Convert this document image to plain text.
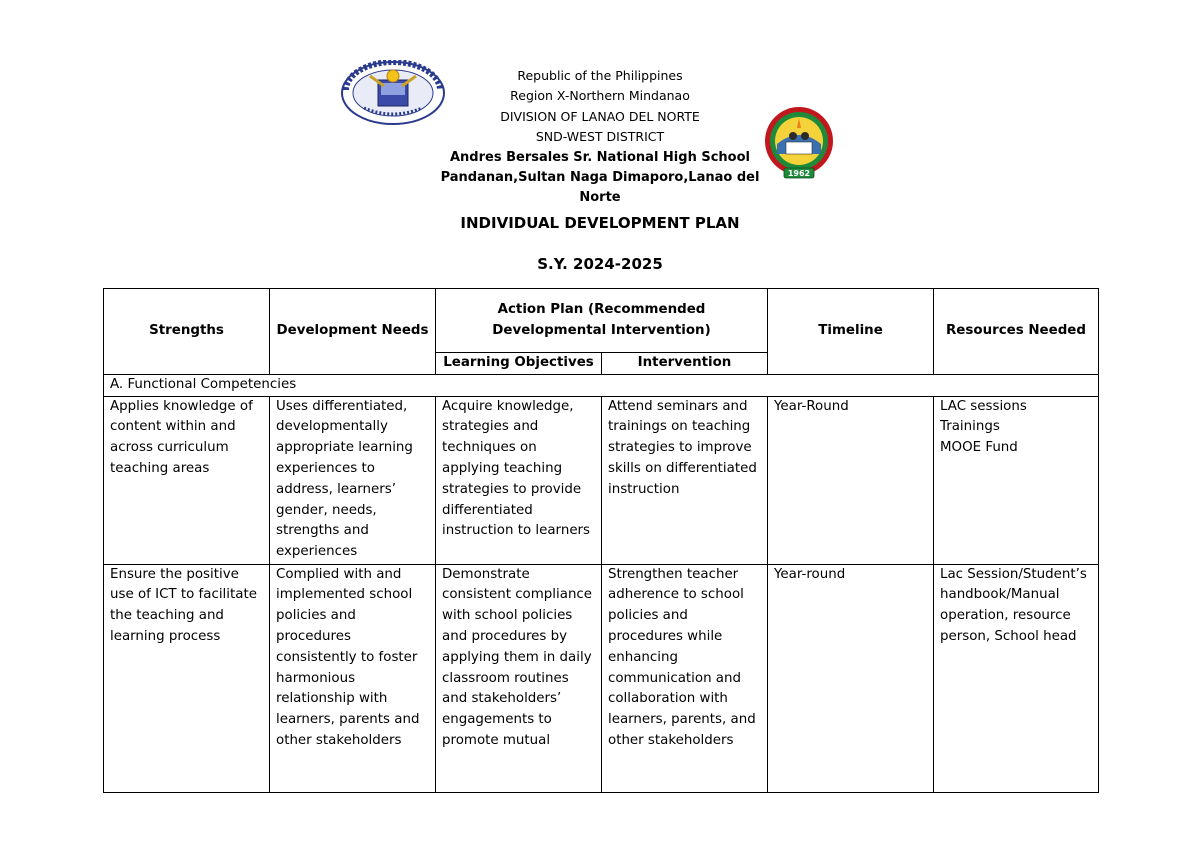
1962
Republic of the Philippines
Region X-Northern Mindanao
DIVISION OF LANAO DEL NORTE
SND-WEST DISTRICT
Andres Bersales Sr. National High School
Pandanan,Sultan Naga Dimaporo,Lanao del Norte
INDIVIDUAL DEVELOPMENT PLAN
S.Y. 2024-2025
Strengths	Development Needs	Action Plan (Recommended Developmental Intervention)		Timeline	Resources Needed
		Learning Objectives	Intervention		
A. Functional Competencies					
Applies knowledge of content within and across curriculum teaching areas	Uses differentiated, developmentally appropriate learning experiences to address, learners’ gender, needs, strengths and experiences	Acquire knowledge, strategies and techniques on applying teaching strategies to provide differentiated instruction to learners	Attend seminars and trainings on teaching strategies to improve skills on differentiated instruction	Year-Round	LAC sessions
Trainings
MOOE Fund

Ensure the positive use of ICT to facilitate the teaching and learning process	Complied with and implemented school policies and procedures consistently to foster harmonious relationship with learners, parents and other stakeholders	Demonstrate consistent compliance with school policies and procedures by applying them in daily classroom routines and stakeholders’ engagements to promote mutual	Strengthen teacher adherence to school policies and procedures while enhancing communication and collaboration with learners, parents, and other stakeholders	Year-round	Lac Session/Student’s handbook/Manual operation, resource person, School head
